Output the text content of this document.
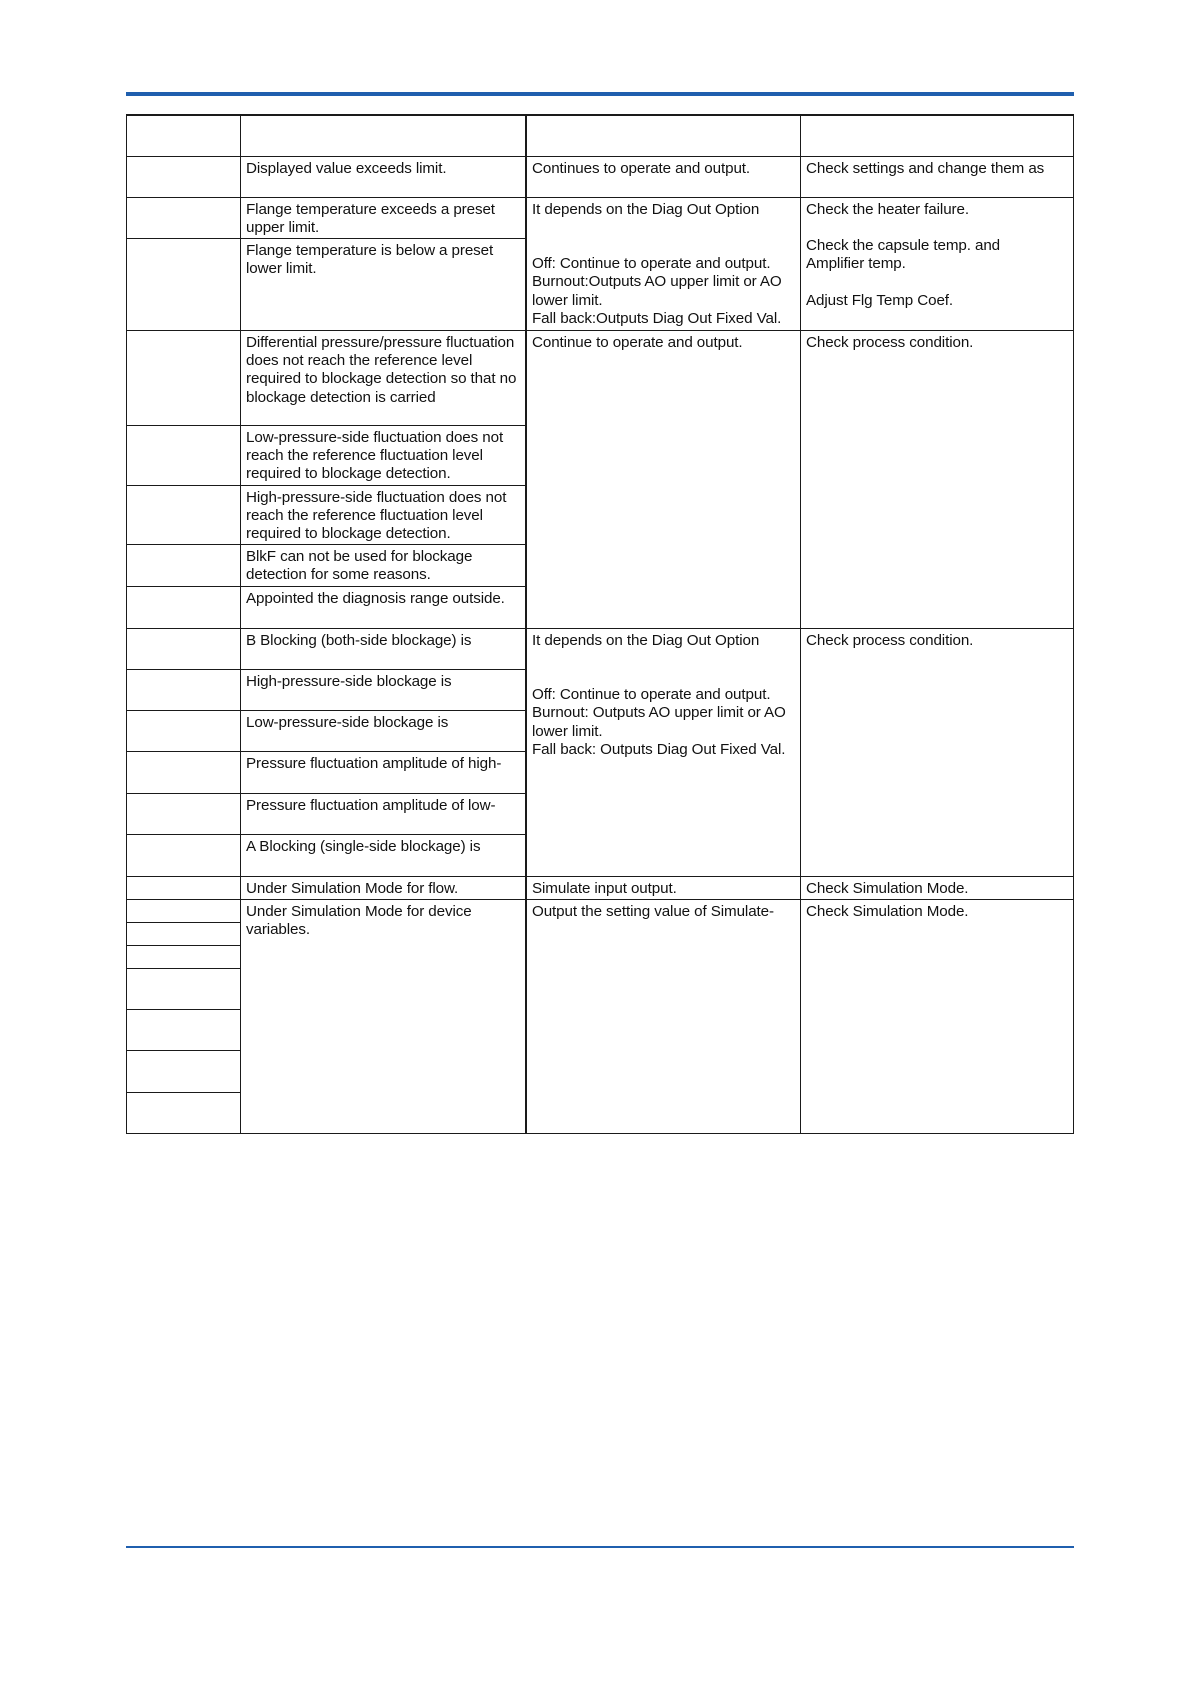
Displayed value exceeds limit.
Flange temperature exceeds a preset upper limit.
Flange temperature is below a preset lower limit.
Differential pressure/pressure fluctuation does not reach the reference level required to blockage detection so that no blockage detection is carried
Low-pressure-side fluctuation does not reach the reference fluctuation level required to blockage detection.
High-pressure-side fluctuation does not reach the reference fluctuation level required to blockage detection.
BlkF can not be used for blockage detection for some reasons.
Appointed the diagnosis range outside.
B Blocking (both-side blockage) is
High-pressure-side blockage is
Low-pressure-side blockage is
Pressure fluctuation amplitude of high-
Pressure fluctuation amplitude of low-
A Blocking (single-side blockage) is
Under Simulation Mode for flow.
Under Simulation Mode for device variables.
Continues to operate and output.
It depends on the Diag Out Option
Off: Continue to operate and output.
Burnout:Outputs AO upper limit or AO lower limit.
Fall back:Outputs Diag Out Fixed Val.
Continue to operate and output.
It depends on the Diag Out Option
Off: Continue to operate and output.
Burnout: Outputs AO upper limit or AO lower limit.
Fall back: Outputs Diag Out Fixed Val.
Simulate input output.
Output the setting value of Simulate-
Check settings and change them as
Check the heater failure.
Check the capsule temp. and Amplifier temp.
Adjust Flg Temp Coef.
Check process condition.
Check process condition.
Check Simulation Mode.
Check Simulation Mode.
